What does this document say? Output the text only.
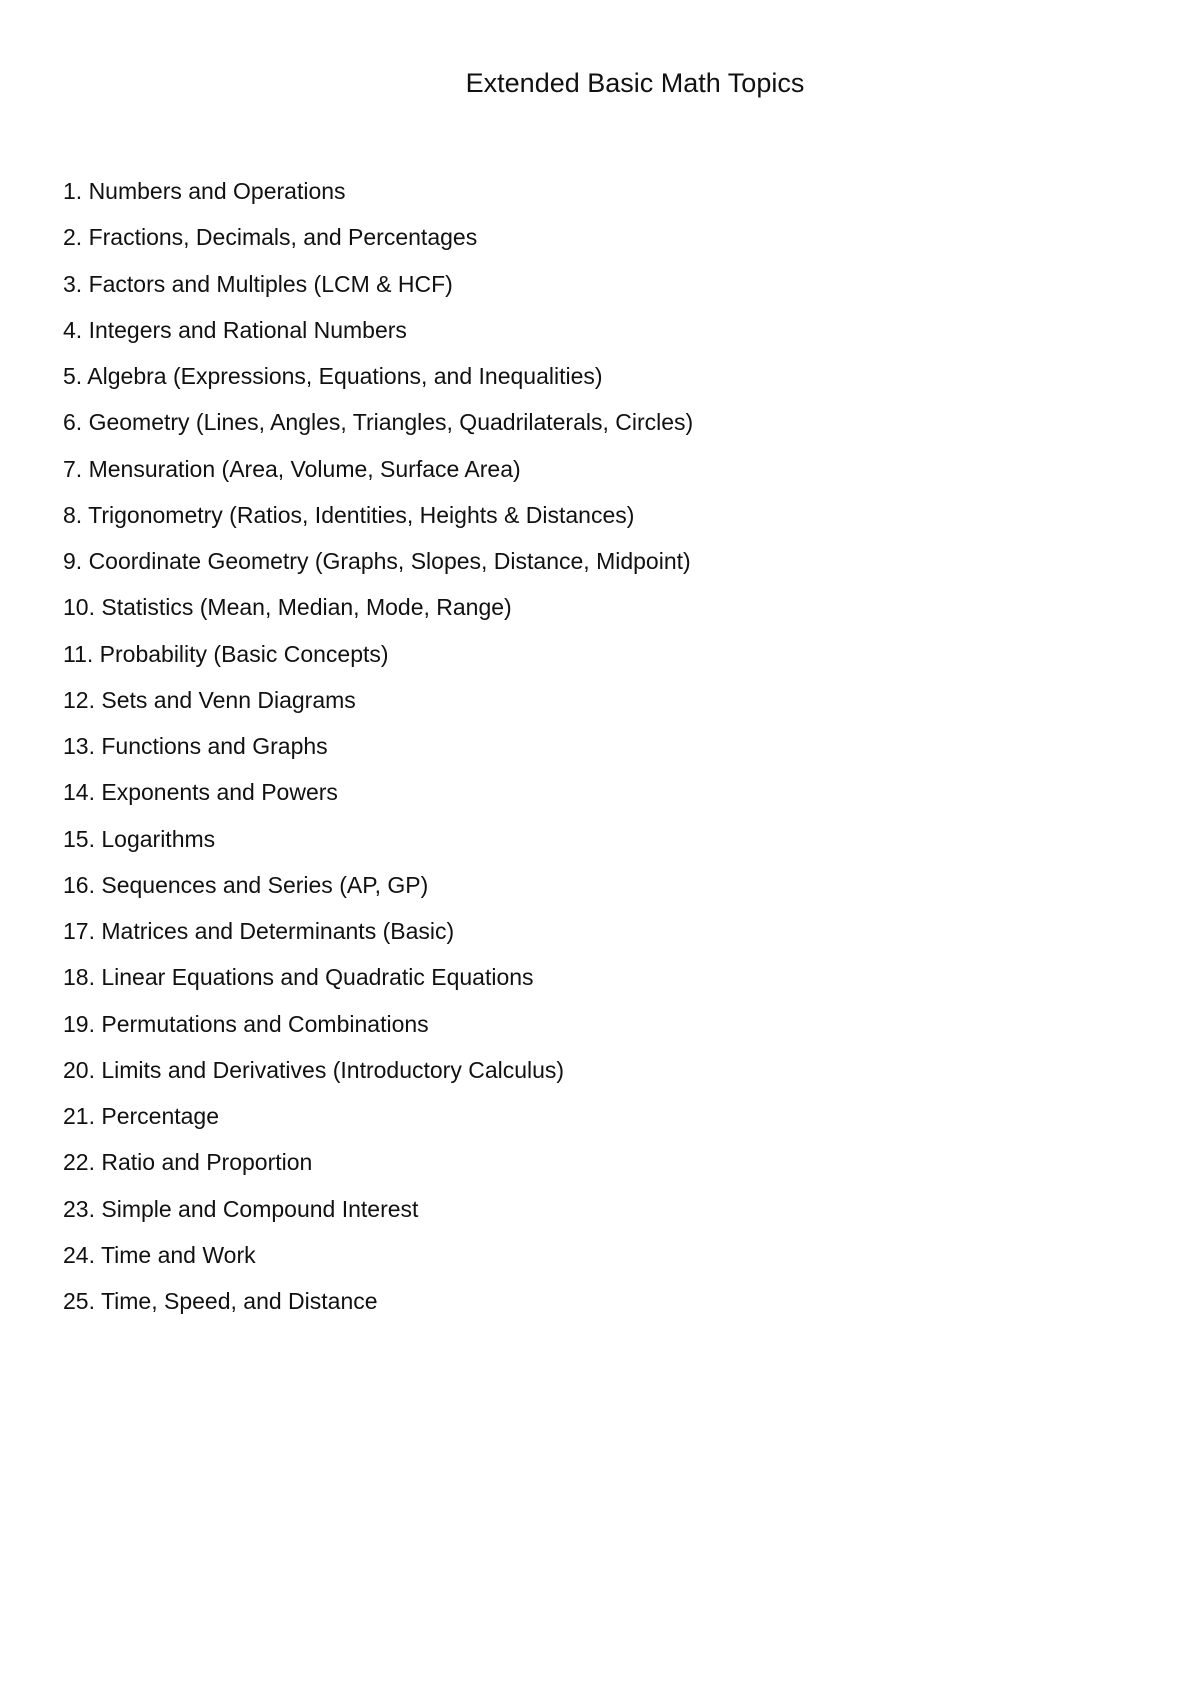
Extended Basic Math Topics
1. Numbers and Operations
2. Fractions, Decimals, and Percentages
3. Factors and Multiples (LCM & HCF)
4. Integers and Rational Numbers
5. Algebra (Expressions, Equations, and Inequalities)
6. Geometry (Lines, Angles, Triangles, Quadrilaterals, Circles)
7. Mensuration (Area, Volume, Surface Area)
8. Trigonometry (Ratios, Identities, Heights & Distances)
9. Coordinate Geometry (Graphs, Slopes, Distance, Midpoint)
10. Statistics (Mean, Median, Mode, Range)
11. Probability (Basic Concepts)
12. Sets and Venn Diagrams
13. Functions and Graphs
14. Exponents and Powers
15. Logarithms
16. Sequences and Series (AP, GP)
17. Matrices and Determinants (Basic)
18. Linear Equations and Quadratic Equations
19. Permutations and Combinations
20. Limits and Derivatives (Introductory Calculus)
21. Percentage
22. Ratio and Proportion
23. Simple and Compound Interest
24. Time and Work
25. Time, Speed, and Distance
